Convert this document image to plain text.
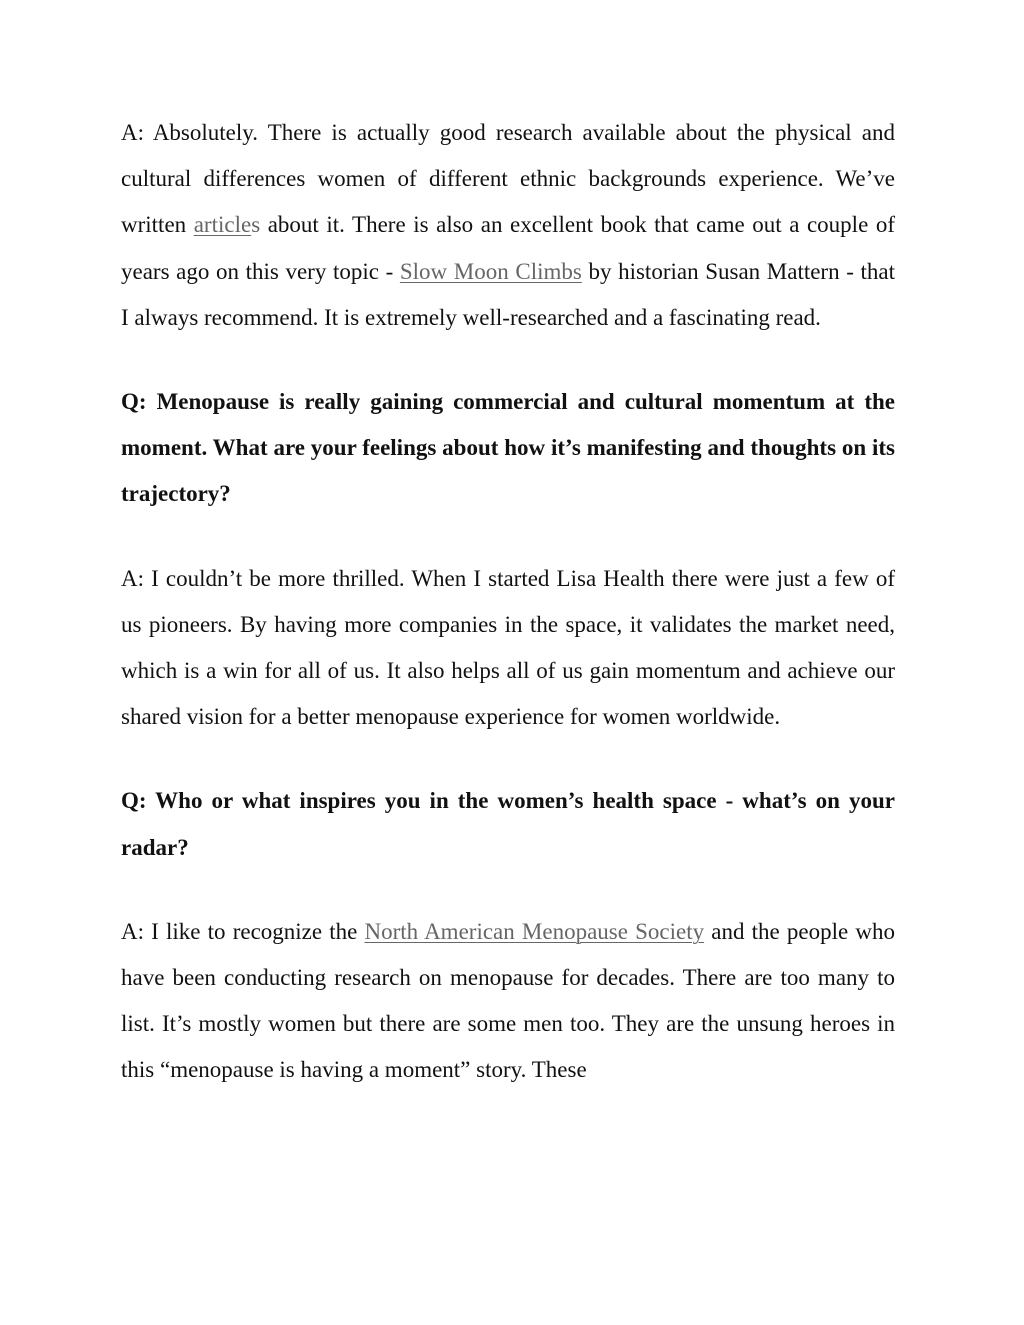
A: Absolutely. There is actually good research available about the physical and cultural differences women of different ethnic backgrounds experience. We’ve written articles about it. There is also an excellent book that came out a couple of years ago on this very topic - Slow Moon Climbs by historian Susan Mattern - that I always recommend. It is extremely well-researched and a fascinating read.

Q: Menopause is really gaining commercial and cultural momentum at the moment. What are your feelings about how it’s manifesting and thoughts on its trajectory?

A: I couldn’t be more thrilled. When I started Lisa Health there were just a few of us pioneers. By having more companies in the space, it validates the market need, which is a win for all of us. It also helps all of us gain momentum and achieve our shared vision for a better menopause experience for women worldwide.

Q: Who or what inspires you in the women’s health space - what’s on your radar?

A: I like to recognize the North American Menopause Society and the people who have been conducting research on menopause for decades. There are too many to list. It’s mostly women but there are some men too. They are the unsung heroes in this “menopause is having a moment” story. These
